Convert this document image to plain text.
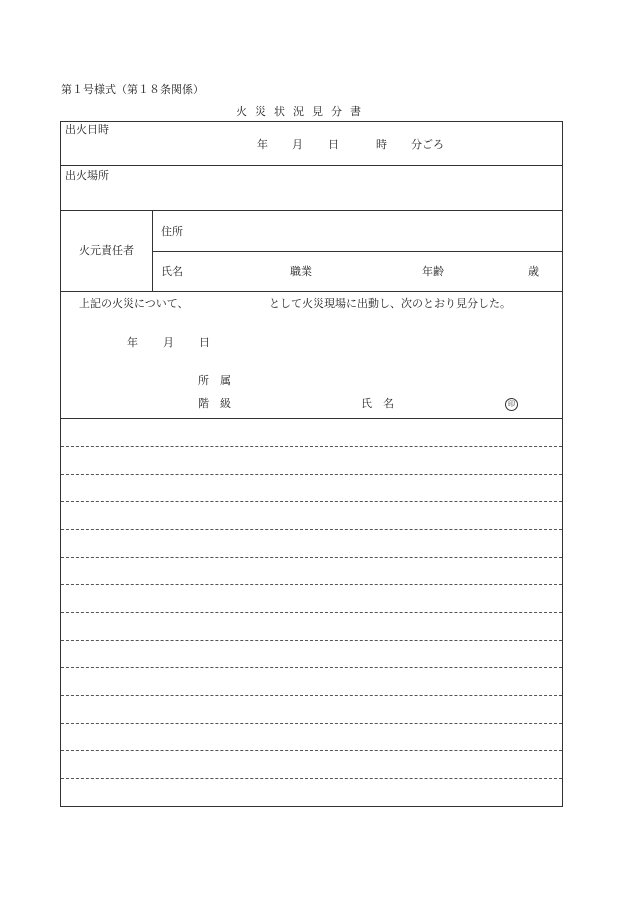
第１号様式（第１８条関係）
火災状況見分書
出火日時
年 月 日	時 分ごろ
出火場所
火元責任者
住所
氏名	職業	年齢	歳
上記の火災について、	として火災現場に出動し、次のとおり見分した。
年 月 日
所　属
階　級	氏　名	印
